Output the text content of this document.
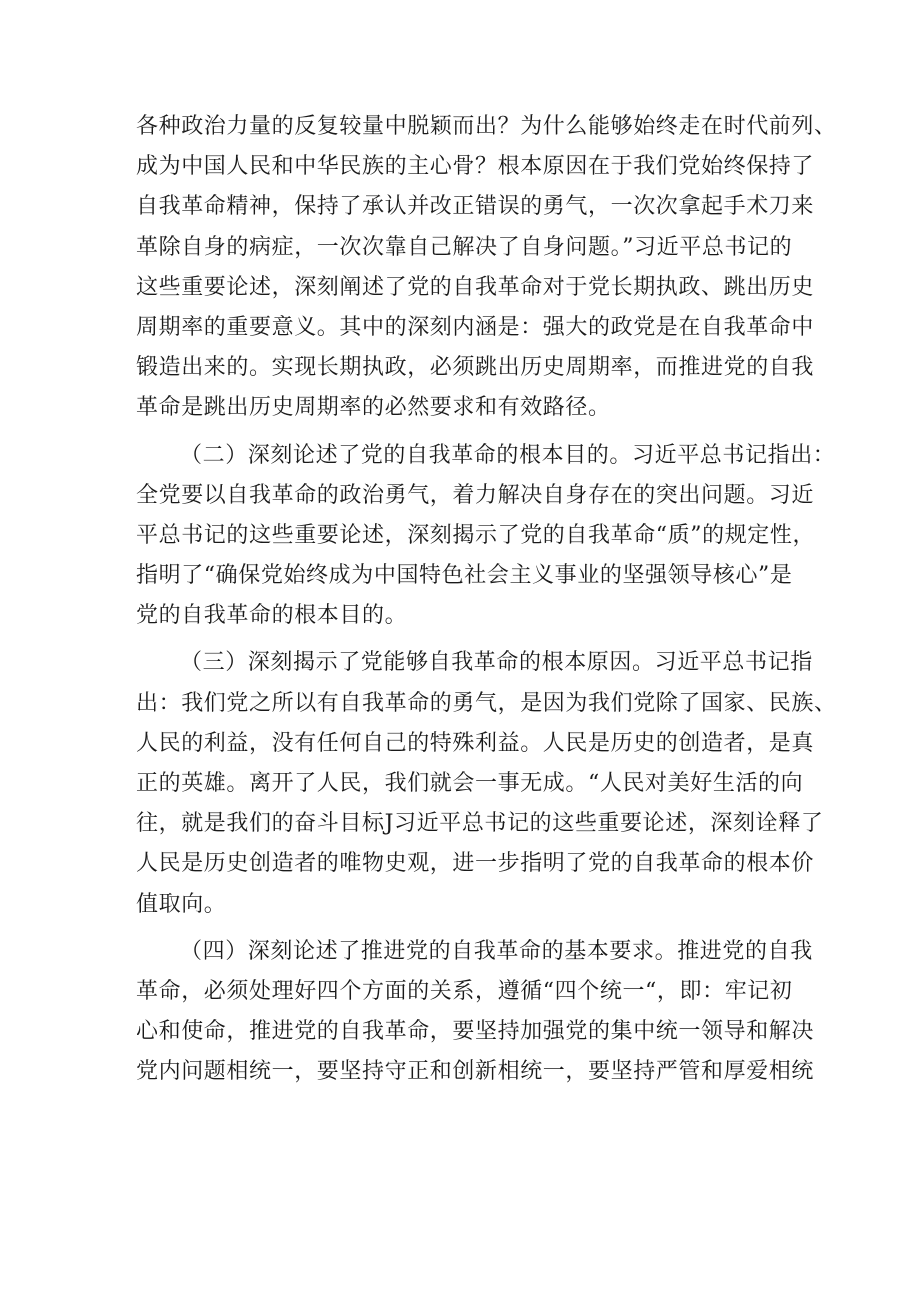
各种政治力量的反复较量中脱颖而出？为什么能够始终走在时代前列、
成为中国人民和中华民族的主心骨？根本原因在于我们党始终保持了
自我革命精神，保持了承认并改正错误的勇气，一次次拿起手术刀来
革除自身的病症，一次次靠自己解决了自身问题。”习近平总书记的
这些重要论述，深刻阐述了党的自我革命对于党长期执政、跳出历史
周期率的重要意义。其中的深刻内涵是：强大的政党是在自我革命中
锻造出来的。实现长期执政，必须跳出历史周期率，而推进党的自我
革命是跳出历史周期率的必然要求和有效路径。
（二）深刻论述了党的自我革命的根本目的。习近平总书记指出：
全党要以自我革命的政治勇气，着力解决自身存在的突出问题。习近
平总书记的这些重要论述，深刻揭示了党的自我革命“质”的规定性，
指明了“确保党始终成为中国特色社会主义事业的坚强领导核心”是
党的自我革命的根本目的。
（三）深刻揭示了党能够自我革命的根本原因。习近平总书记指
出：我们党之所以有自我革命的勇气，是因为我们党除了国家、民族、
人民的利益，没有任何自己的特殊利益。人民是历史的创造者，是真
正的英雄。离开了人民，我们就会一事无成。“人民对美好生活的向
往，就是我们的奋斗目标J习近平总书记的这些重要论述，深刻诠释了
人民是历史创造者的唯物史观，进一步指明了党的自我革命的根本价
值取向。
（四）深刻论述了推进党的自我革命的基本要求。推进党的自我
革命，必须处理好四个方面的关系，遵循“四个统一“，即：牢记初
心和使命，推进党的自我革命，要坚持加强党的集中统一领导和解决
党内问题相统一，要坚持守正和创新相统一，要坚持严管和厚爱相统
